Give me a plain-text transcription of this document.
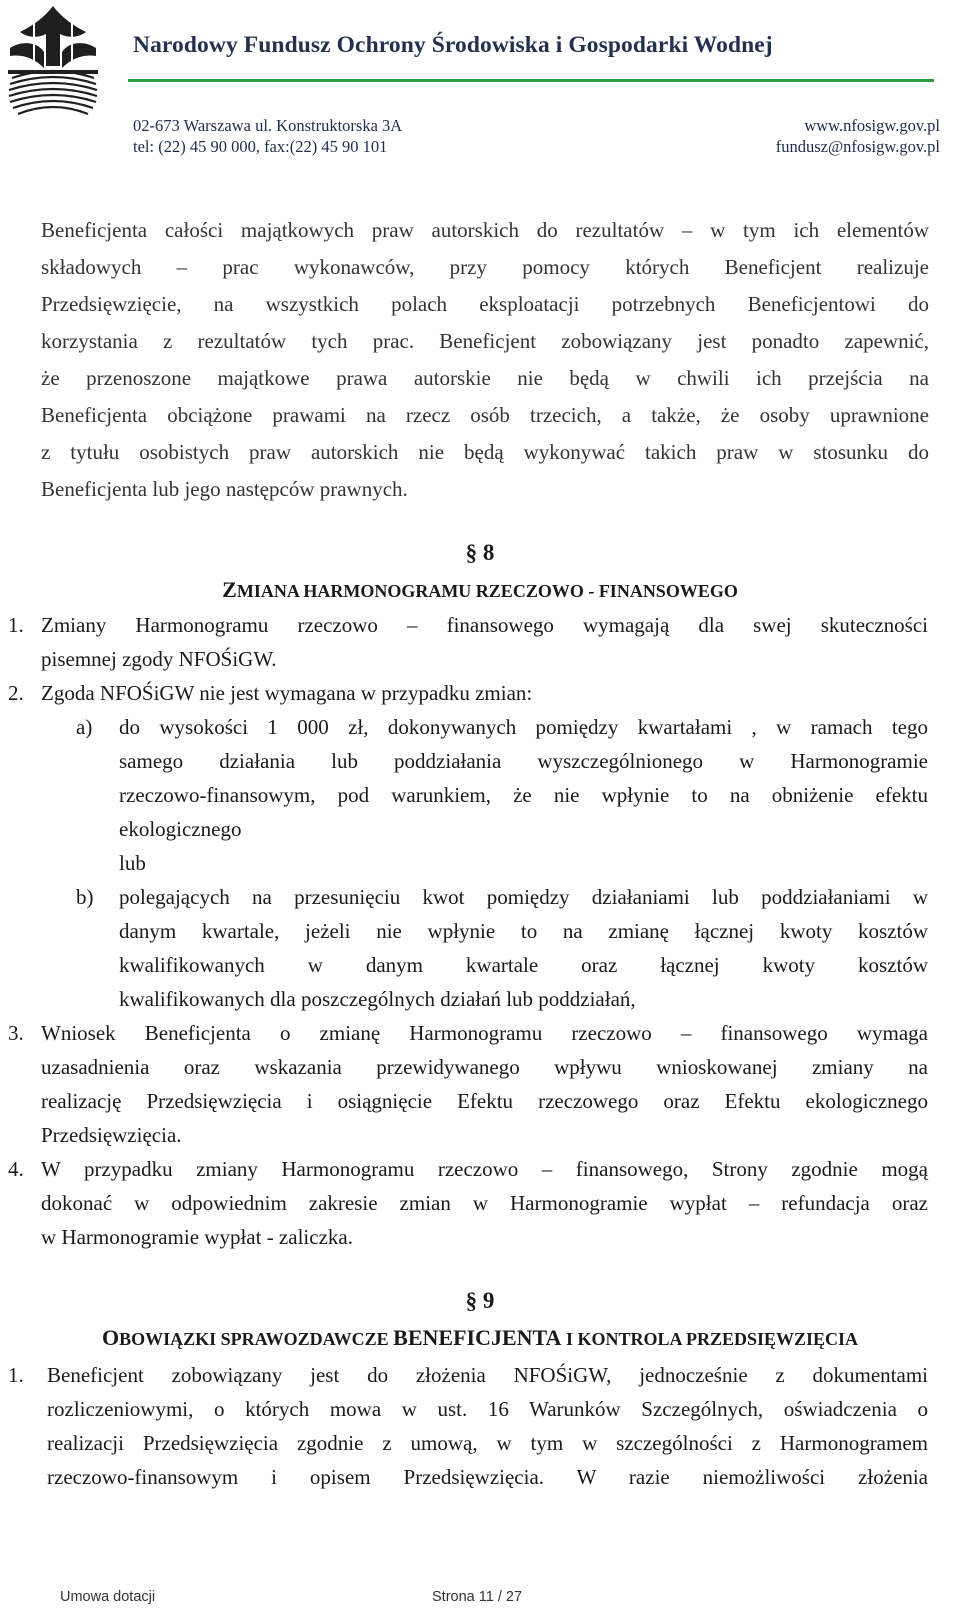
Narodowy Fundusz Ochrony Środowiska i Gospodarki Wodnej
02-673 Warszawa ul. Konstruktorska 3A
tel: (22) 45 90 000, fax:(22) 45 90 101
www.nfosigw.gov.pl
fundusz@nfosigw.gov.pl
Beneficjenta całości majątkowych praw autorskich do rezultatów – w tym ich elementów
składowych – prac wykonawców, przy pomocy których Beneficjent realizuje
Przedsięwzięcie, na wszystkich polach eksploatacji potrzebnych Beneficjentowi do
korzystania z rezultatów tych prac. Beneficjent zobowiązany jest ponadto zapewnić,
że przenoszone majątkowe prawa autorskie nie będą w chwili ich przejścia na
Beneficjenta obciążone prawami na rzecz osób trzecich, a także, że osoby uprawnione
z tytułu osobistych praw autorskich nie będą wykonywać takich praw w stosunku do
Beneficjenta lub jego następców prawnych.
§ 8
ZMIANA HARMONOGRAMU RZECZOWO - FINANSOWEGO
1. Zmiany Harmonogramu rzeczowo – finansowego wymagają dla swej skuteczności
pisemnej zgody NFOŚiGW.
2. Zgoda NFOŚiGW nie jest wymagana w przypadku zmian:
a) do wysokości 1 000 zł, dokonywanych pomiędzy kwartałami , w ramach tego
samego działania lub poddziałania wyszczególnionego w Harmonogramie
rzeczowo-finansowym, pod warunkiem, że nie wpłynie to na obniżenie efektu
ekologicznego
lub
b) polegających na przesunięciu kwot pomiędzy działaniami lub poddziałaniami w
danym kwartale, jeżeli nie wpłynie to na zmianę łącznej kwoty kosztów
kwalifikowanych w danym kwartale oraz łącznej kwoty kosztów
kwalifikowanych dla poszczególnych działań lub poddziałań,
3. Wniosek Beneficjenta o zmianę Harmonogramu rzeczowo – finansowego wymaga
uzasadnienia oraz wskazania przewidywanego wpływu wnioskowanej zmiany na
realizację Przedsięwzięcia i osiągnięcie Efektu rzeczowego oraz Efektu ekologicznego
Przedsięwzięcia.
4. W przypadku zmiany Harmonogramu rzeczowo – finansowego, Strony zgodnie mogą
dokonać w odpowiednim zakresie zmian w Harmonogramie wypłat – refundacja oraz
w Harmonogramie wypłat - zaliczka.
§ 9
OBOWIĄZKI SPRAWOZDAWCZE BENEFICJENTA I KONTROLA PRZEDSIĘWZIĘCIA
1. Beneficjent zobowiązany jest do złożenia NFOŚiGW, jednocześnie z dokumentami
rozliczeniowymi, o których mowa w ust. 16 Warunków Szczególnych, oświadczenia o
realizacji Przedsięwzięcia zgodnie z umową, w tym w szczególności z Harmonogramem
rzeczowo-finansowym i opisem Przedsięwzięcia. W razie niemożliwości złożenia
Umowa dotacji	Strona 11 / 27
